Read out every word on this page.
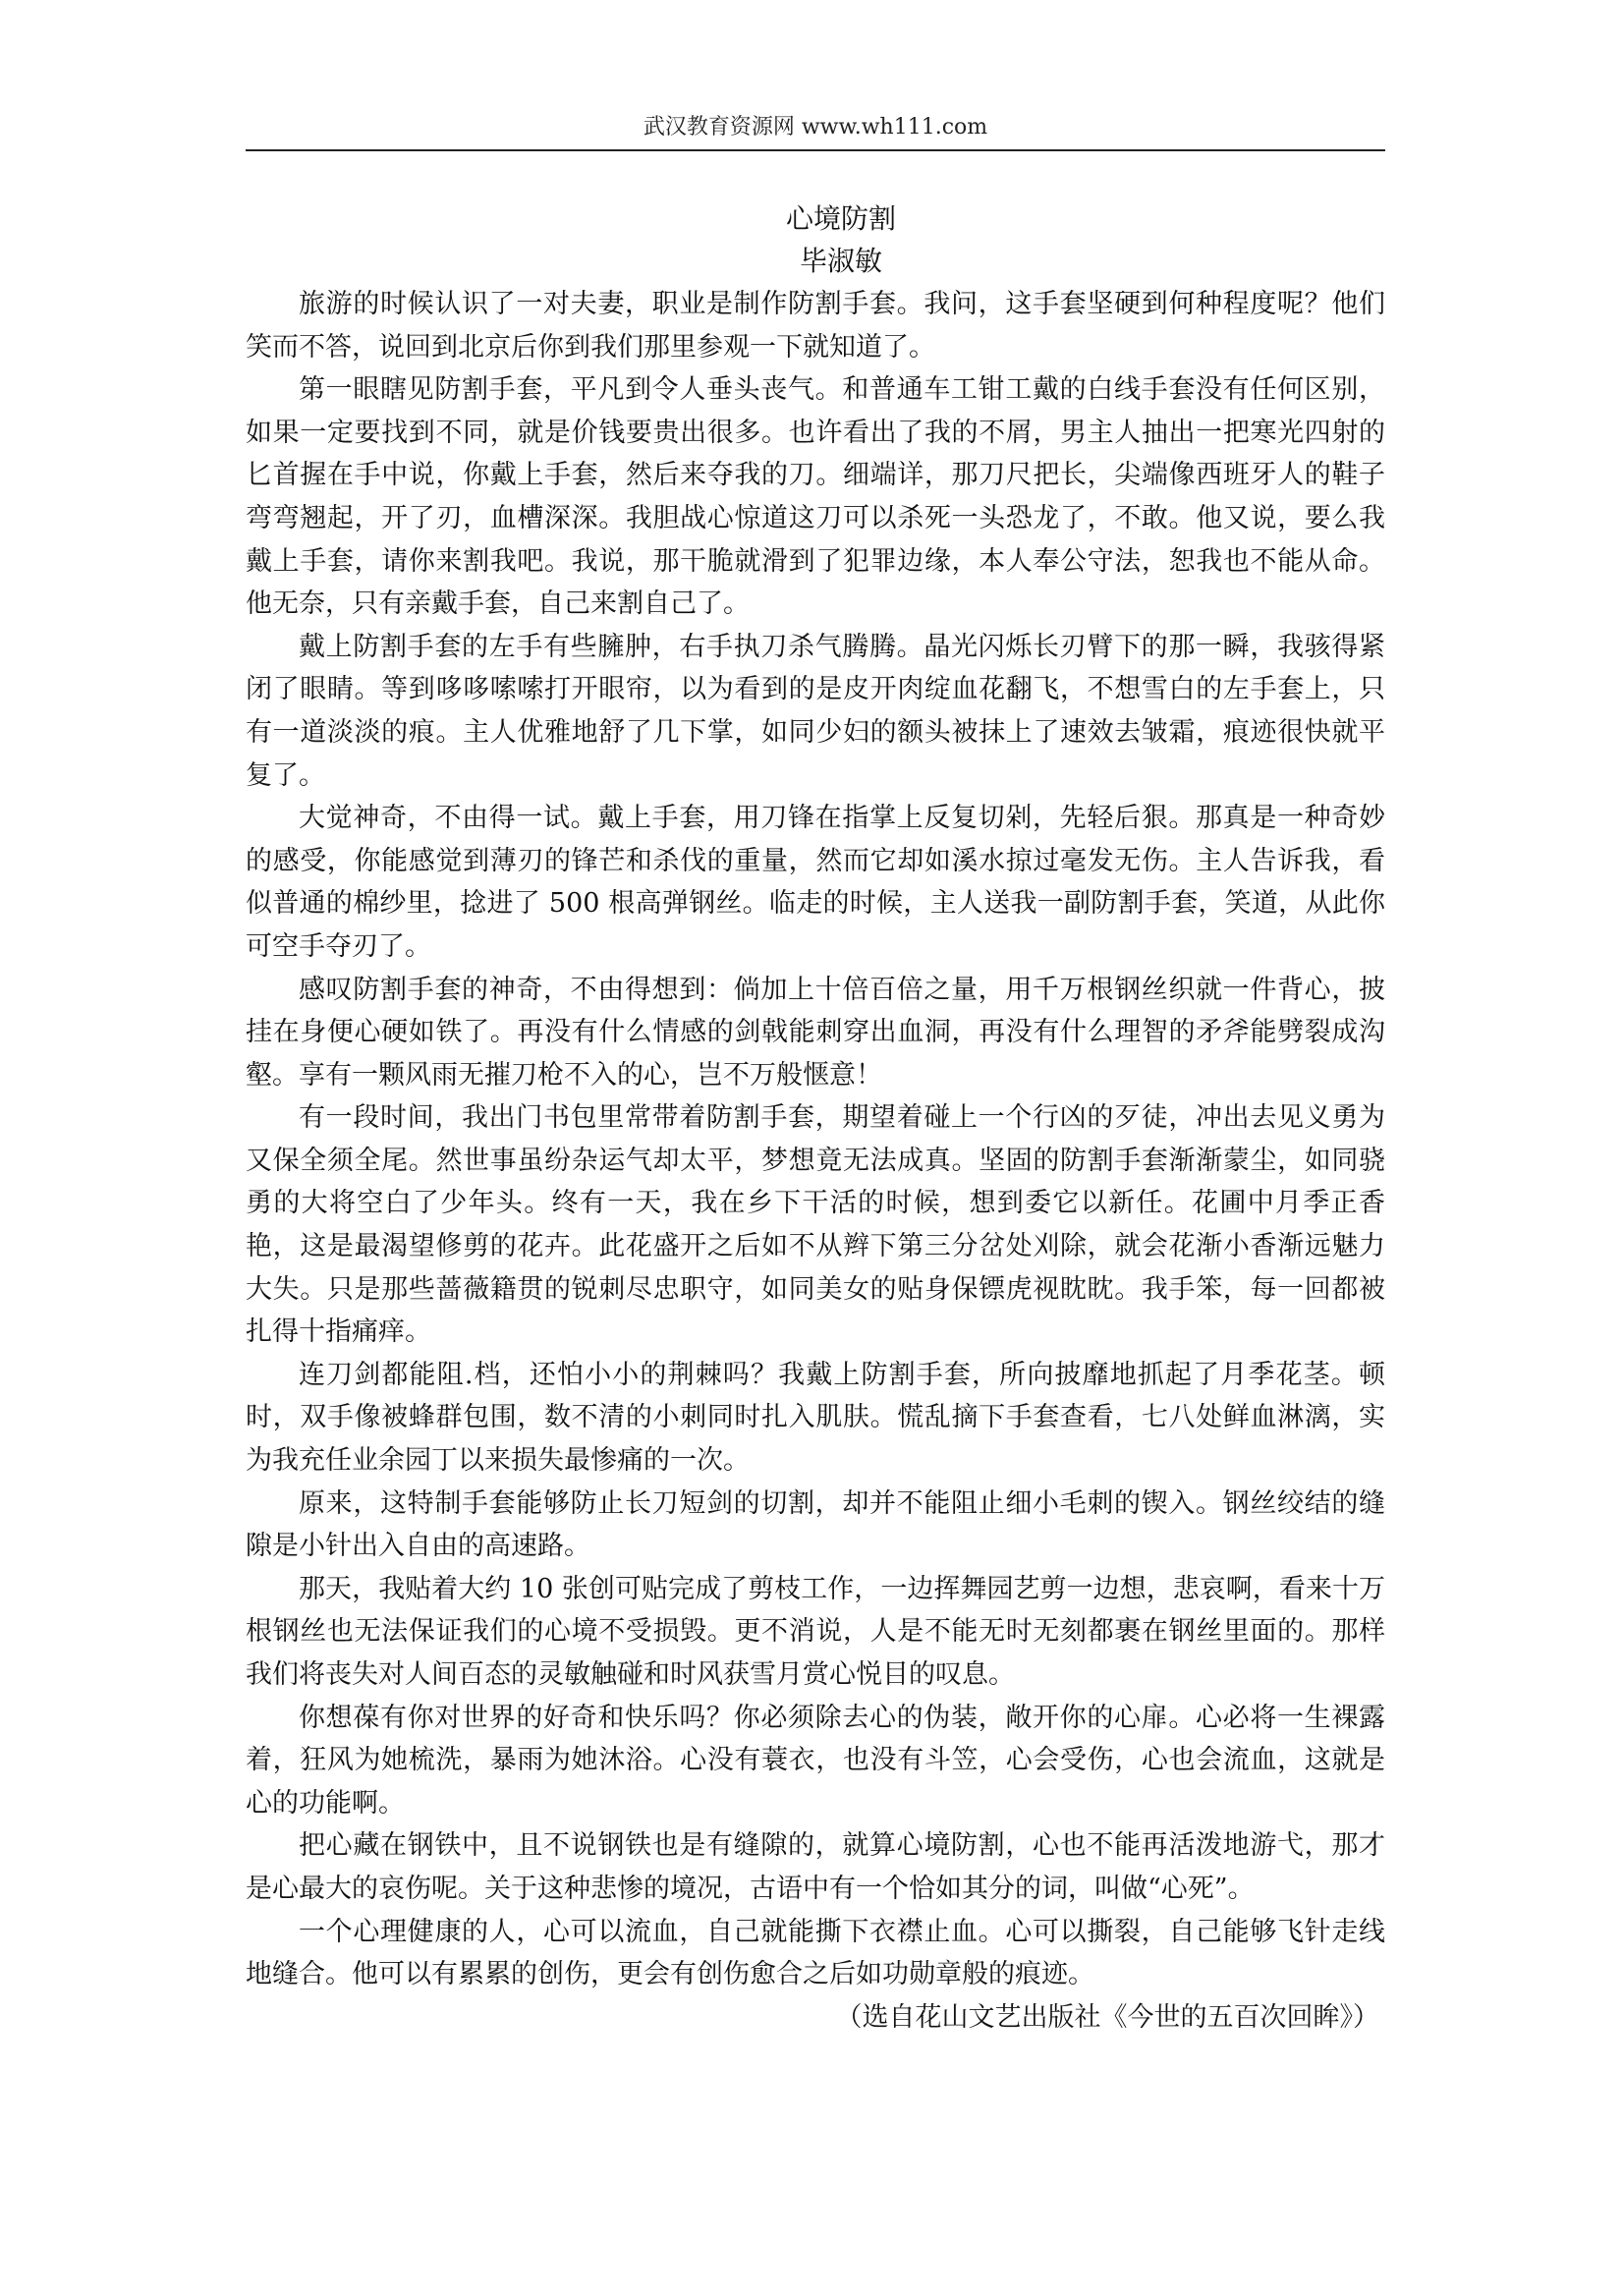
武汉教育资源网 www.wh111.com
心境防割
毕淑敏

旅游的时候认识了一对夫妻，职业是制作防割手套。我问，这手套坚硬到何种程度呢？他们笑而不答，说回到北京后你到我们那里参观一下就知道了。

第一眼瞎见防割手套，平凡到令人垂头丧气。和普通车工钳工戴的白线手套没有任何区别，如果一定要找到不同，就是价钱要贵出很多。也许看出了我的不屑，男主人抽出一把寒光四射的匕首握在手中说，你戴上手套，然后来夺我的刀。细端详，那刀尺把长，尖端像西班牙人的鞋子弯弯翘起，开了刃，血槽深深。我胆战心惊道这刀可以杀死一头恐龙了，不敢。他又说，要么我戴上手套，请你来割我吧。我说，那干脆就滑到了犯罪边缘，本人奉公守法，恕我也不能从命。他无奈，只有亲戴手套，自己来割自己了。

戴上防割手套的左手有些臃肿，右手执刀杀气腾腾。晶光闪烁长刃臂下的那一瞬，我骇得紧闭了眼睛。等到哆哆嗦嗦打开眼帘，以为看到的是皮开肉绽血花翻飞，不想雪白的左手套上，只有一道淡淡的痕。主人优雅地舒了几下掌，如同少妇的额头被抹上了速效去皱霜，痕迹很快就平复了。

大觉神奇，不由得一试。戴上手套，用刀锋在指掌上反复切剁，先轻后狠。那真是一种奇妙的感受，你能感觉到薄刃的锋芒和杀伐的重量，然而它却如溪水掠过毫发无伤。主人告诉我，看似普通的棉纱里，捻进了 500 根高弹钢丝。临走的时候，主人送我一副防割手套，笑道，从此你可空手夺刃了。

感叹防割手套的神奇，不由得想到：倘加上十倍百倍之量，用千万根钢丝织就一件背心，披挂在身便心硬如铁了。再没有什么情感的剑戟能刺穿出血洞，再没有什么理智的矛斧能劈裂成沟壑。享有一颗风雨无摧刀枪不入的心，岂不万般惬意！

有一段时间，我出门书包里常带着防割手套，期望着碰上一个行凶的歹徒，冲出去见义勇为又保全须全尾。然世事虽纷杂运气却太平，梦想竟无法成真。坚固的防割手套渐渐蒙尘，如同骁勇的大将空白了少年头。终有一天，我在乡下干活的时候，想到委它以新任。花圃中月季正香艳，这是最渴望修剪的花卉。此花盛开之后如不从辫下第三分岔处刈除，就会花渐小香渐远魅力大失。只是那些蔷薇籍贯的锐刺尽忠职守，如同美女的贴身保镖虎视眈眈。我手笨，每一回都被扎得十指痛痒。

连刀剑都能阻.档，还怕小小的荆棘吗？我戴上防割手套，所向披靡地抓起了月季花茎。顿时，双手像被蜂群包围，数不清的小刺同时扎入肌肤。慌乱摘下手套查看，七八处鲜血淋漓，实为我充任业余园丁以来损失最惨痛的一次。

原来，这特制手套能够防止长刀短剑的切割，却并不能阻止细小毛刺的锲入。钢丝绞结的缝隙是小针出入自由的高速路。

那天，我贴着大约 10 张创可贴完成了剪枝工作，一边挥舞园艺剪一边想，悲哀啊，看来十万根钢丝也无法保证我们的心境不受损毁。更不消说，人是不能无时无刻都裹在钢丝里面的。那样我们将丧失对人间百态的灵敏触碰和时风获雪月赏心悦目的叹息。

你想葆有你对世界的好奇和快乐吗？你必须除去心的伪装，敞开你的心扉。心必将一生裸露着，狂风为她梳洗，暴雨为她沐浴。心没有蓑衣，也没有斗笠，心会受伤，心也会流血，这就是心的功能啊。

把心藏在钢铁中，且不说钢铁也是有缝隙的，就算心境防割，心也不能再活泼地游弋，那才是心最大的哀伤呢。关于这种悲惨的境况，古语中有一个恰如其分的词，叫做“心死”。

一个心理健康的人，心可以流血，自己就能撕下衣襟止血。心可以撕裂，自己能够飞针走线地缝合。他可以有累累的创伤，更会有创伤愈合之后如功勋章般的痕迹。

（选自花山文艺出版社《今世的五百次回眸》）
